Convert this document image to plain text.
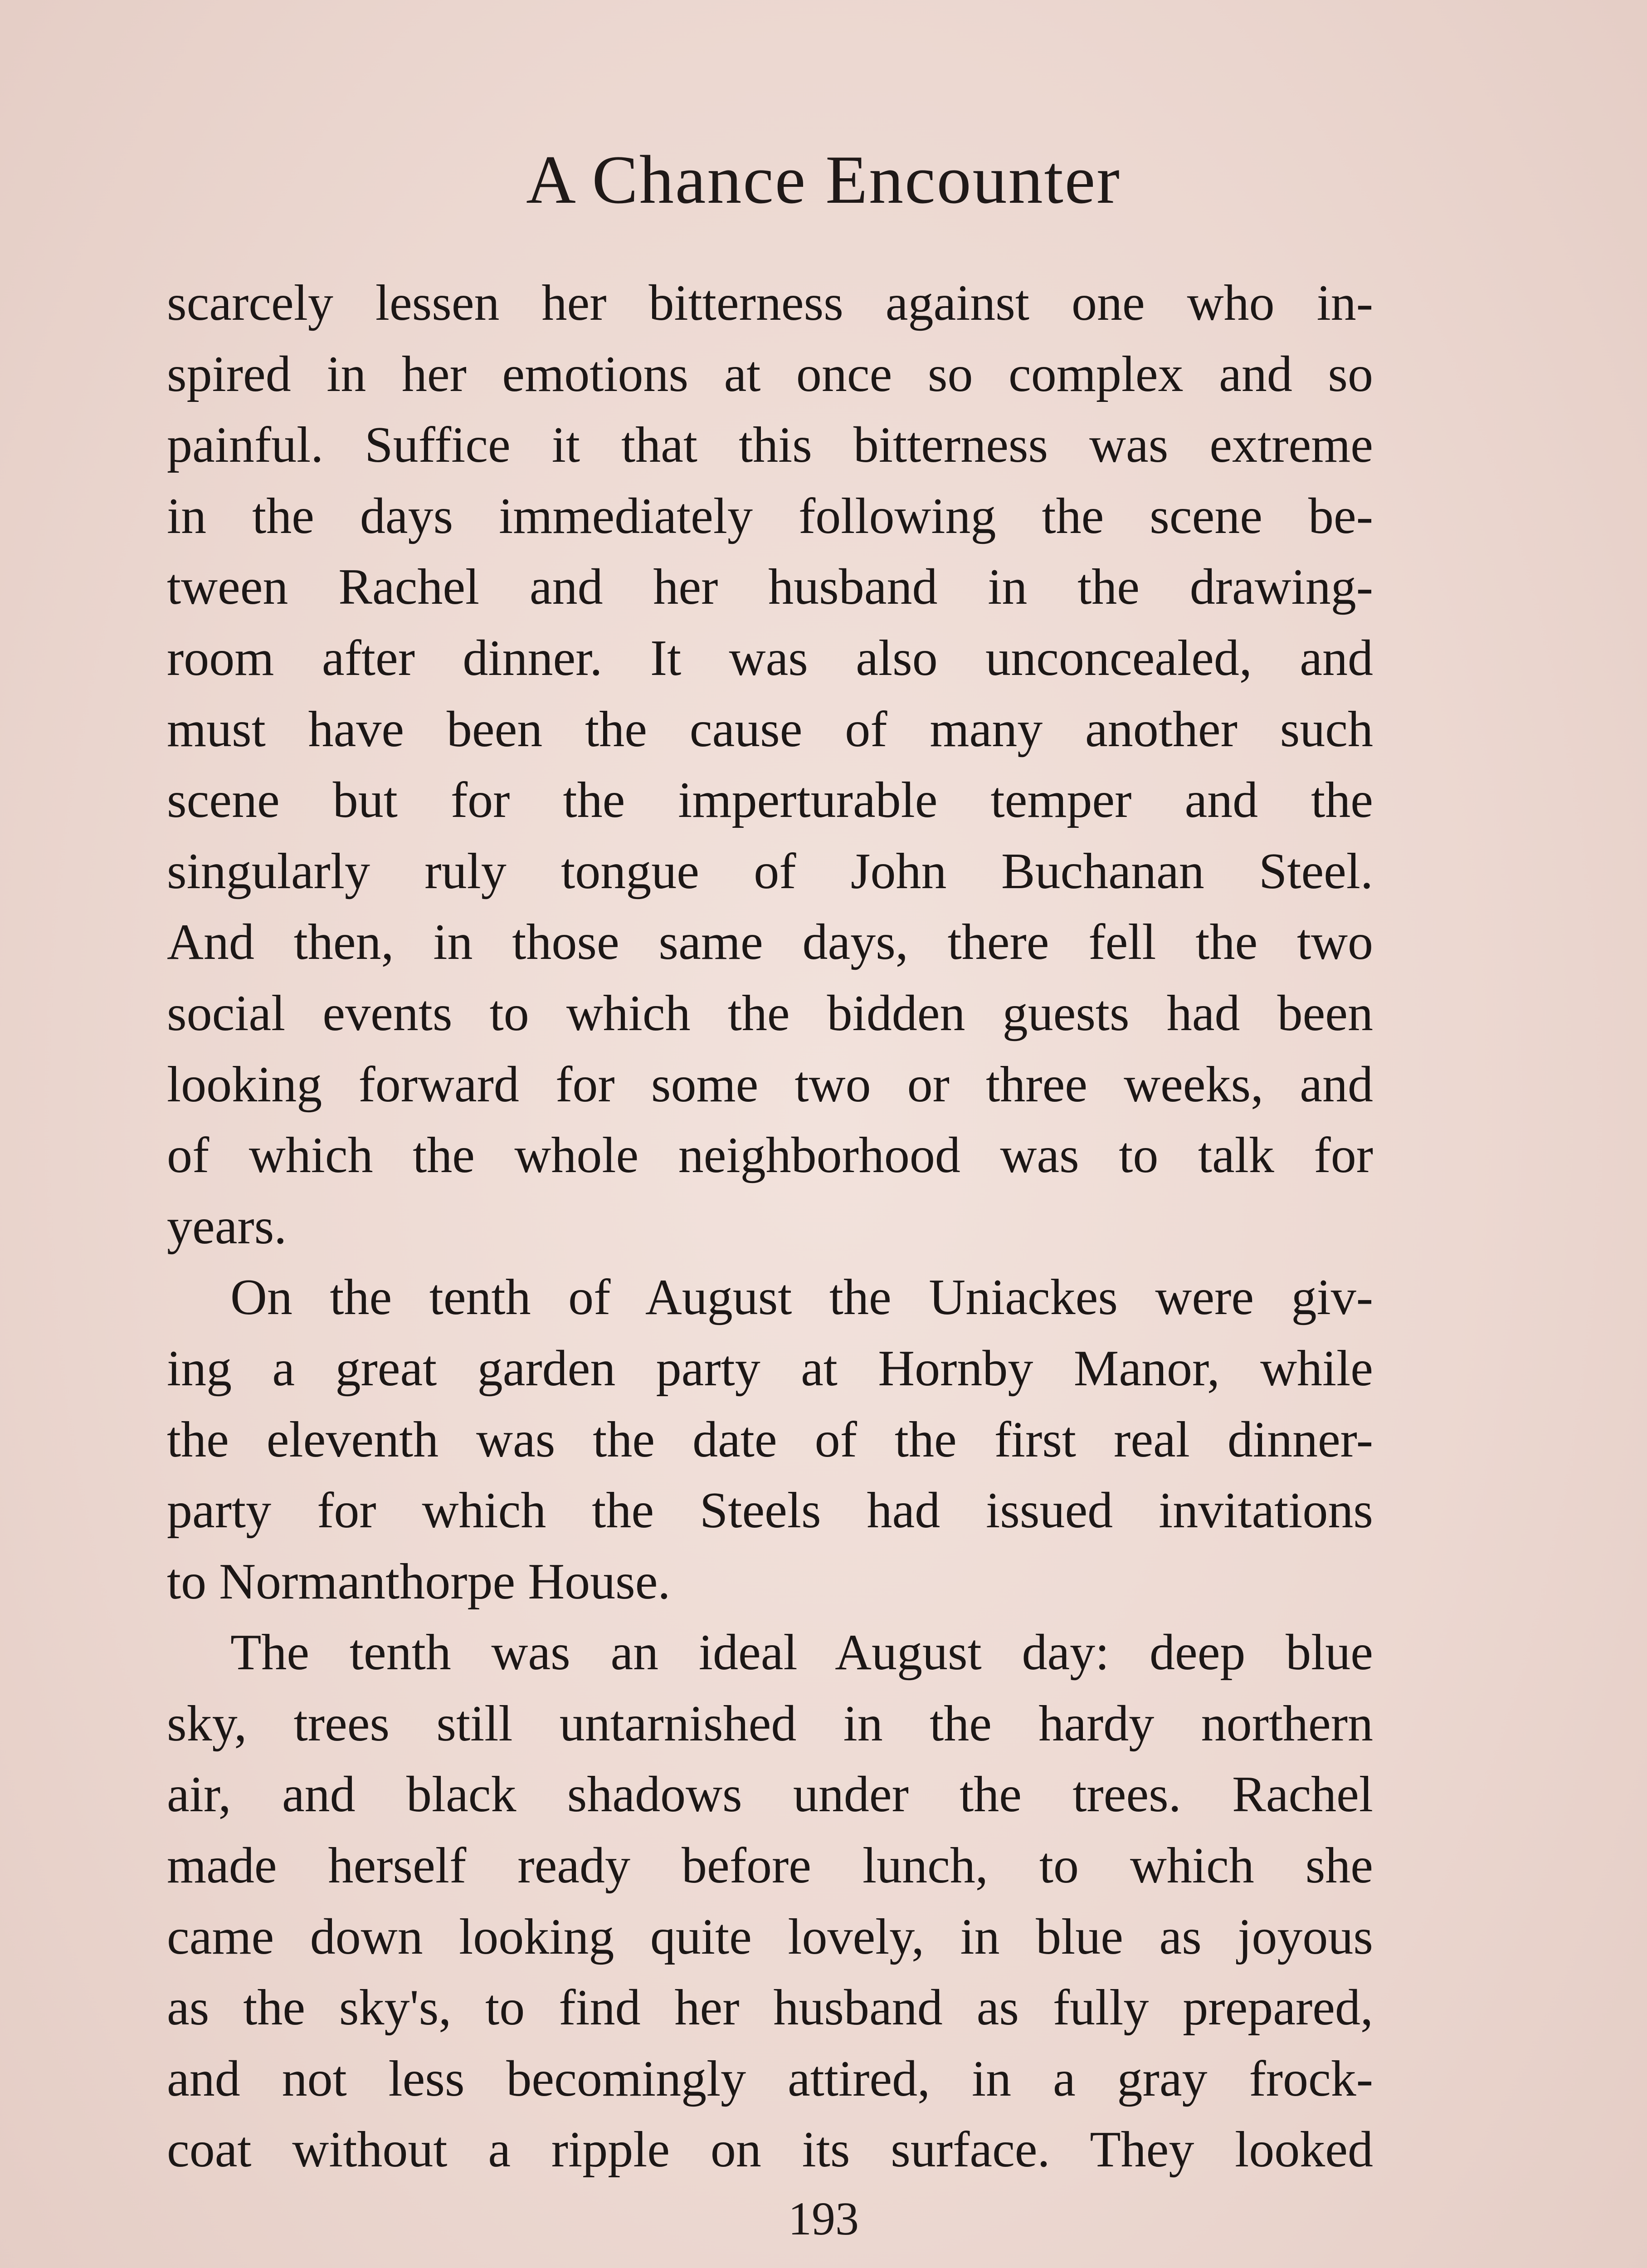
A Chance Encounter
scarcely lessen her bitterness against one who in-
spired in her emotions at once so complex and so
painful. Suffice it that this bitterness was extreme
in the days immediately following the scene be-
tween Rachel and her husband in the drawing-
room after dinner. It was also unconcealed, and
must have been the cause of many another such
scene but for the imperturable temper and the
singularly ruly tongue of John Buchanan Steel.
And then, in those same days, there fell the two
social events to which the bidden guests had been
looking forward for some two or three weeks, and
of which the whole neighborhood was to talk for
years.
On the tenth of August the Uniackes were giv-
ing a great garden party at Hornby Manor, while
the eleventh was the date of the first real dinner-
party for which the Steels had issued invitations
to Normanthorpe House.
The tenth was an ideal August day: deep blue
sky, trees still untarnished in the hardy northern
air, and black shadows under the trees. Rachel
made herself ready before lunch, to which she
came down looking quite lovely, in blue as joyous
as the sky's, to find her husband as fully prepared,
and not less becomingly attired, in a gray frock-
coat without a ripple on its surface. They looked
193
